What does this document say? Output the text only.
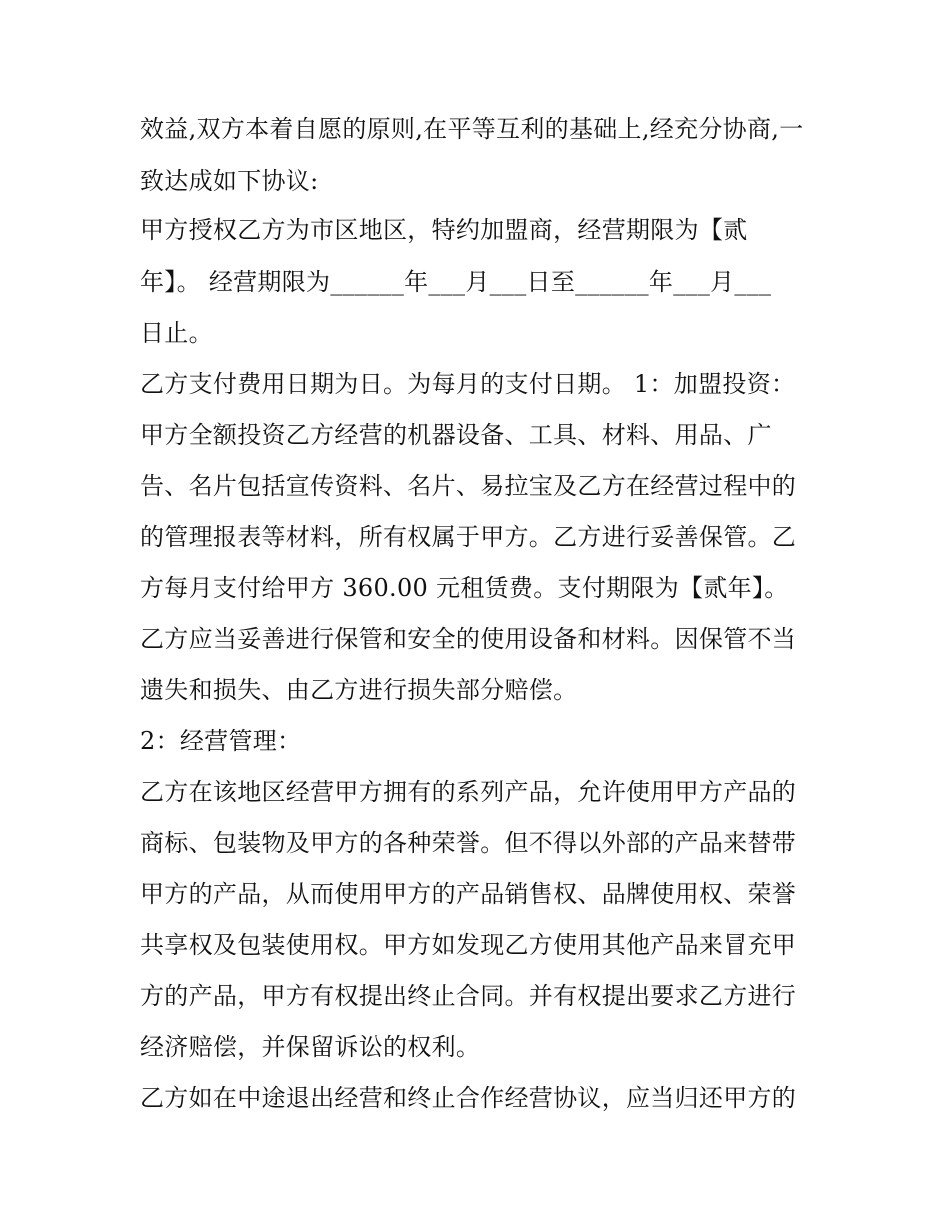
效益,双方本着自愿的原则,在平等互利的基础上,经充分协商,一
致达成如下协议:
甲方授权乙方为市区地区，特约加盟商，经营期限为【贰
年】。 经营期限为______年___月___日至______年___月___
日止。
乙方支付费用日期为日。为每月的支付日期。 1：加盟投资：
甲方全额投资乙方经营的机器设备、工具、材料、用品、广
告、名片包括宣传资料、名片、易拉宝及乙方在经营过程中的
的管理报表等材料，所有权属于甲方。乙方进行妥善保管。乙
方每月支付给甲方 360.00 元租赁费。支付期限为【贰年】。
乙方应当妥善进行保管和安全的使用设备和材料。因保管不当
遗失和损失、由乙方进行损失部分赔偿。
2：经营管理：
乙方在该地区经营甲方拥有的系列产品，允许使用甲方产品的
商标、包装物及甲方的各种荣誉。但不得以外部的产品来替带
甲方的产品，从而使用甲方的产品销售权、品牌使用权、荣誉
共享权及包装使用权。甲方如发现乙方使用其他产品来冒充甲
方的产品，甲方有权提出终止合同。并有权提出要求乙方进行
经济赔偿，并保留诉讼的权利。
乙方如在中途退出经营和终止合作经营协议，应当归还甲方的
